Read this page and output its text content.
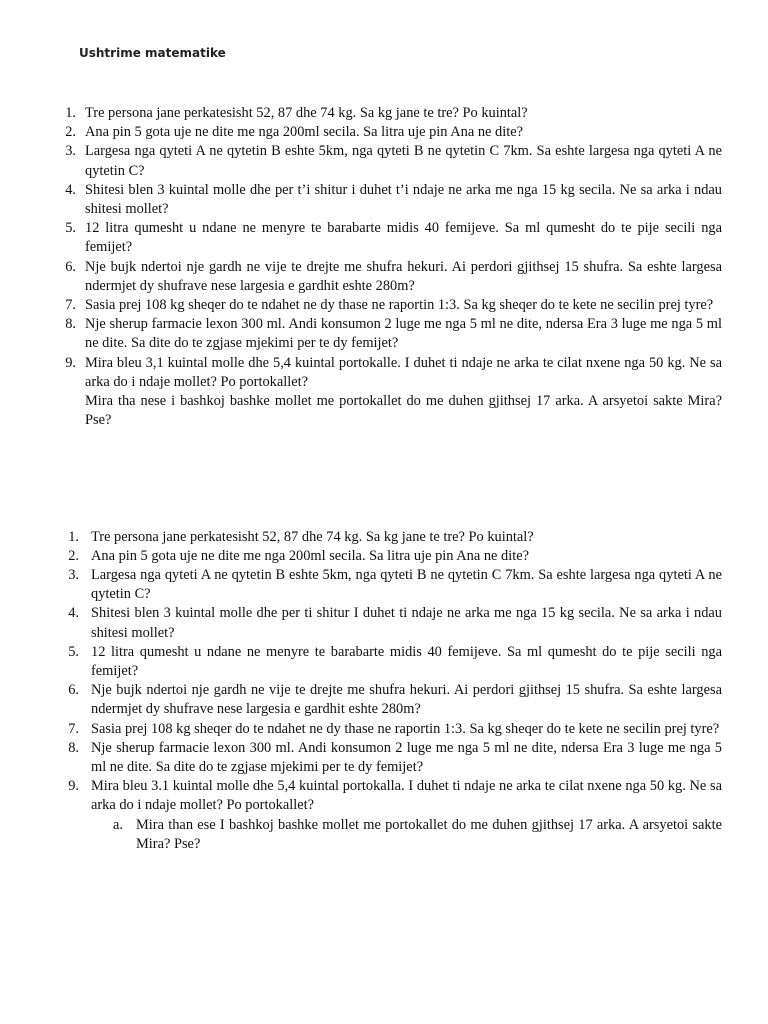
Ushtrime matematike
1. Tre persona jane perkatesisht 52, 87 dhe 74 kg. Sa kg jane te tre? Po kuintal?
2. Ana pin 5 gota uje ne dite me nga 200ml secila. Sa litra uje pin Ana ne dite?
3. Largesa nga qyteti A ne qytetin B eshte 5km, nga qyteti B ne qytetin C 7km. Sa eshte largesa nga qyteti A ne qytetin C?
4. Shitesi blen 3 kuintal molle dhe per t’i shitur i duhet t’i ndaje ne arka me nga 15 kg secila. Ne sa arka i ndau shitesi mollet?
5. 12 litra qumesht u ndane ne menyre te barabarte midis 40 femijeve. Sa ml qumesht do te pije secili nga femijet?
6. Nje bujk ndertoi nje gardh ne vije te drejte me shufra hekuri. Ai perdori gjithsej 15 shufra. Sa eshte largesa ndermjet dy shufrave nese largesia e gardhit eshte 280m?
7. Sasia prej 108 kg sheqer do te ndahet ne dy thase ne raportin 1:3. Sa kg sheqer do te kete ne secilin prej tyre?
8. Nje sherup farmacie lexon 300 ml. Andi konsumon 2 luge me nga 5 ml ne dite, ndersa Era 3 luge me nga 5 ml ne dite. Sa dite do te zgjase mjekimi per te dy femijet?
9. Mira bleu 3,1 kuintal molle dhe 5,4 kuintal portokalle. I duhet ti ndaje ne arka te cilat nxene nga 50 kg. Ne sa arka do i ndaje mollet? Po portokallet?
Mira tha nese i bashkoj bashke mollet me portokallet do me duhen gjithsej 17 arka. A arsyetoi sakte Mira? Pse?
1. Tre persona jane perkatesisht 52, 87 dhe 74 kg. Sa kg jane te tre? Po kuintal?
2. Ana pin 5 gota uje ne dite me nga 200ml secila. Sa litra uje pin Ana ne dite?
3. Largesa nga qyteti A ne qytetin B eshte 5km, nga qyteti B ne qytetin C 7km. Sa eshte largesa nga qyteti A ne qytetin C?
4. Shitesi blen 3 kuintal molle dhe per ti shitur I duhet ti ndaje ne arka me nga 15 kg secila. Ne sa arka i ndau shitesi mollet?
5. 12 litra qumesht u ndane ne menyre te barabarte midis 40 femijeve. Sa ml qumesht do te pije secili nga femijet?
6. Nje bujk ndertoi nje gardh ne vije te drejte me shufra hekuri. Ai perdori gjithsej 15 shufra. Sa eshte largesa ndermjet dy shufrave nese largesia e gardhit eshte 280m?
7. Sasia prej 108 kg sheqer do te ndahet ne dy thase ne raportin 1:3. Sa kg sheqer do te kete ne secilin prej tyre?
8. Nje sherup farmacie lexon 300 ml. Andi konsumon 2 luge me nga 5 ml ne dite, ndersa Era 3 luge me nga 5 ml ne dite. Sa dite do te zgjase mjekimi per te dy femijet?
9. Mira bleu 3.1 kuintal molle dhe 5,4 kuintal portokalla. I duhet ti ndaje ne arka te cilat nxene nga 50 kg. Ne sa arka do i ndaje mollet? Po portokallet?
a. Mira than ese I bashkoj bashke mollet me portokallet do me duhen gjithsej 17 arka. A arsyetoi sakte Mira? Pse?
